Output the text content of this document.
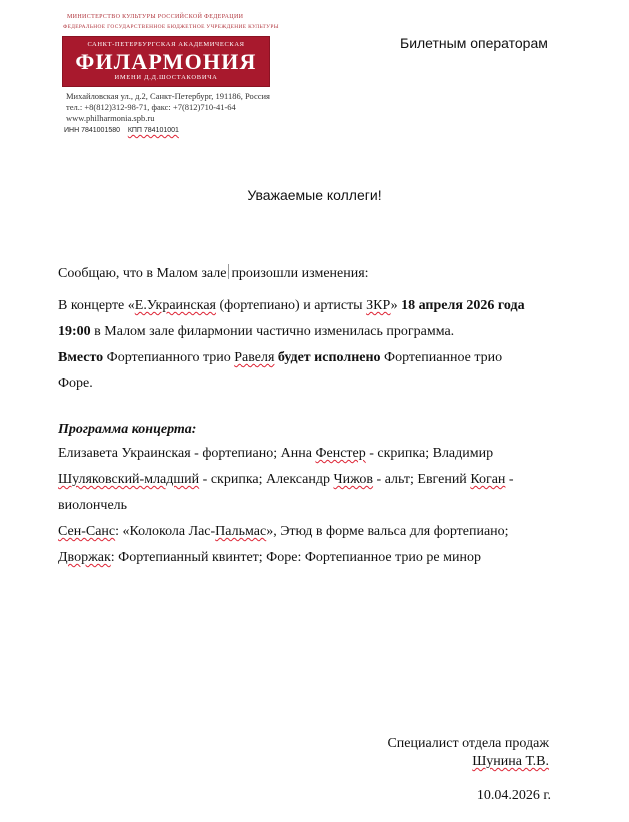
МИНИСТЕРСТВО КУЛЬТУРЫ РОССИЙСКОЙ ФЕДЕРАЦИИ
ФЕДЕРАЛЬНОЕ ГОСУДАРСТВЕННОЕ БЮДЖЕТНОЕ УЧРЕЖДЕНИЕ КУЛЬТУРЫ
САНКТ-ПЕТЕРБУРГСКАЯ АКАДЕМИЧЕСКАЯ
ФИЛАРМОНИЯ
ИМЕНИ Д.Д.ШОСТАКОВИЧА
Михайловская ул., д.2, Санкт-Петербург, 191186, Россия
тел.: +8(812)312-98-71, факс: +7(812)710-41-64
www.philharmonia.spb.ru
ИНН 7841001580 КПП 784101001
Билетным операторам
Уважаемые коллеги!
Сообщаю, что в Малом зале произошли изменения:
В концерте «Е.Украинская (фортепиано) и артисты ЗКР» 18 апреля 2026 года
19:00 в Малом зале филармонии частично изменилась программа.
Вместо Фортепианного трио Равеля будет исполнено Фортепианное трио
Форе.
Программа концерта:
Елизавета Украинская - фортепиано; Анна Фенстер - скрипка; Владимир
Шуляковский-младший - скрипка; Александр Чижов - альт; Евгений Коган -
виолончель
Сен-Санс: «Колокола Лас-Пальмас», Этюд в форме вальса для фортепиано;
Дворжак: Фортепианный квинтет; Форе: Фортепианное трио ре минор
Специалист отдела продаж
Шунина Т.В.
10.04.2026 г.
